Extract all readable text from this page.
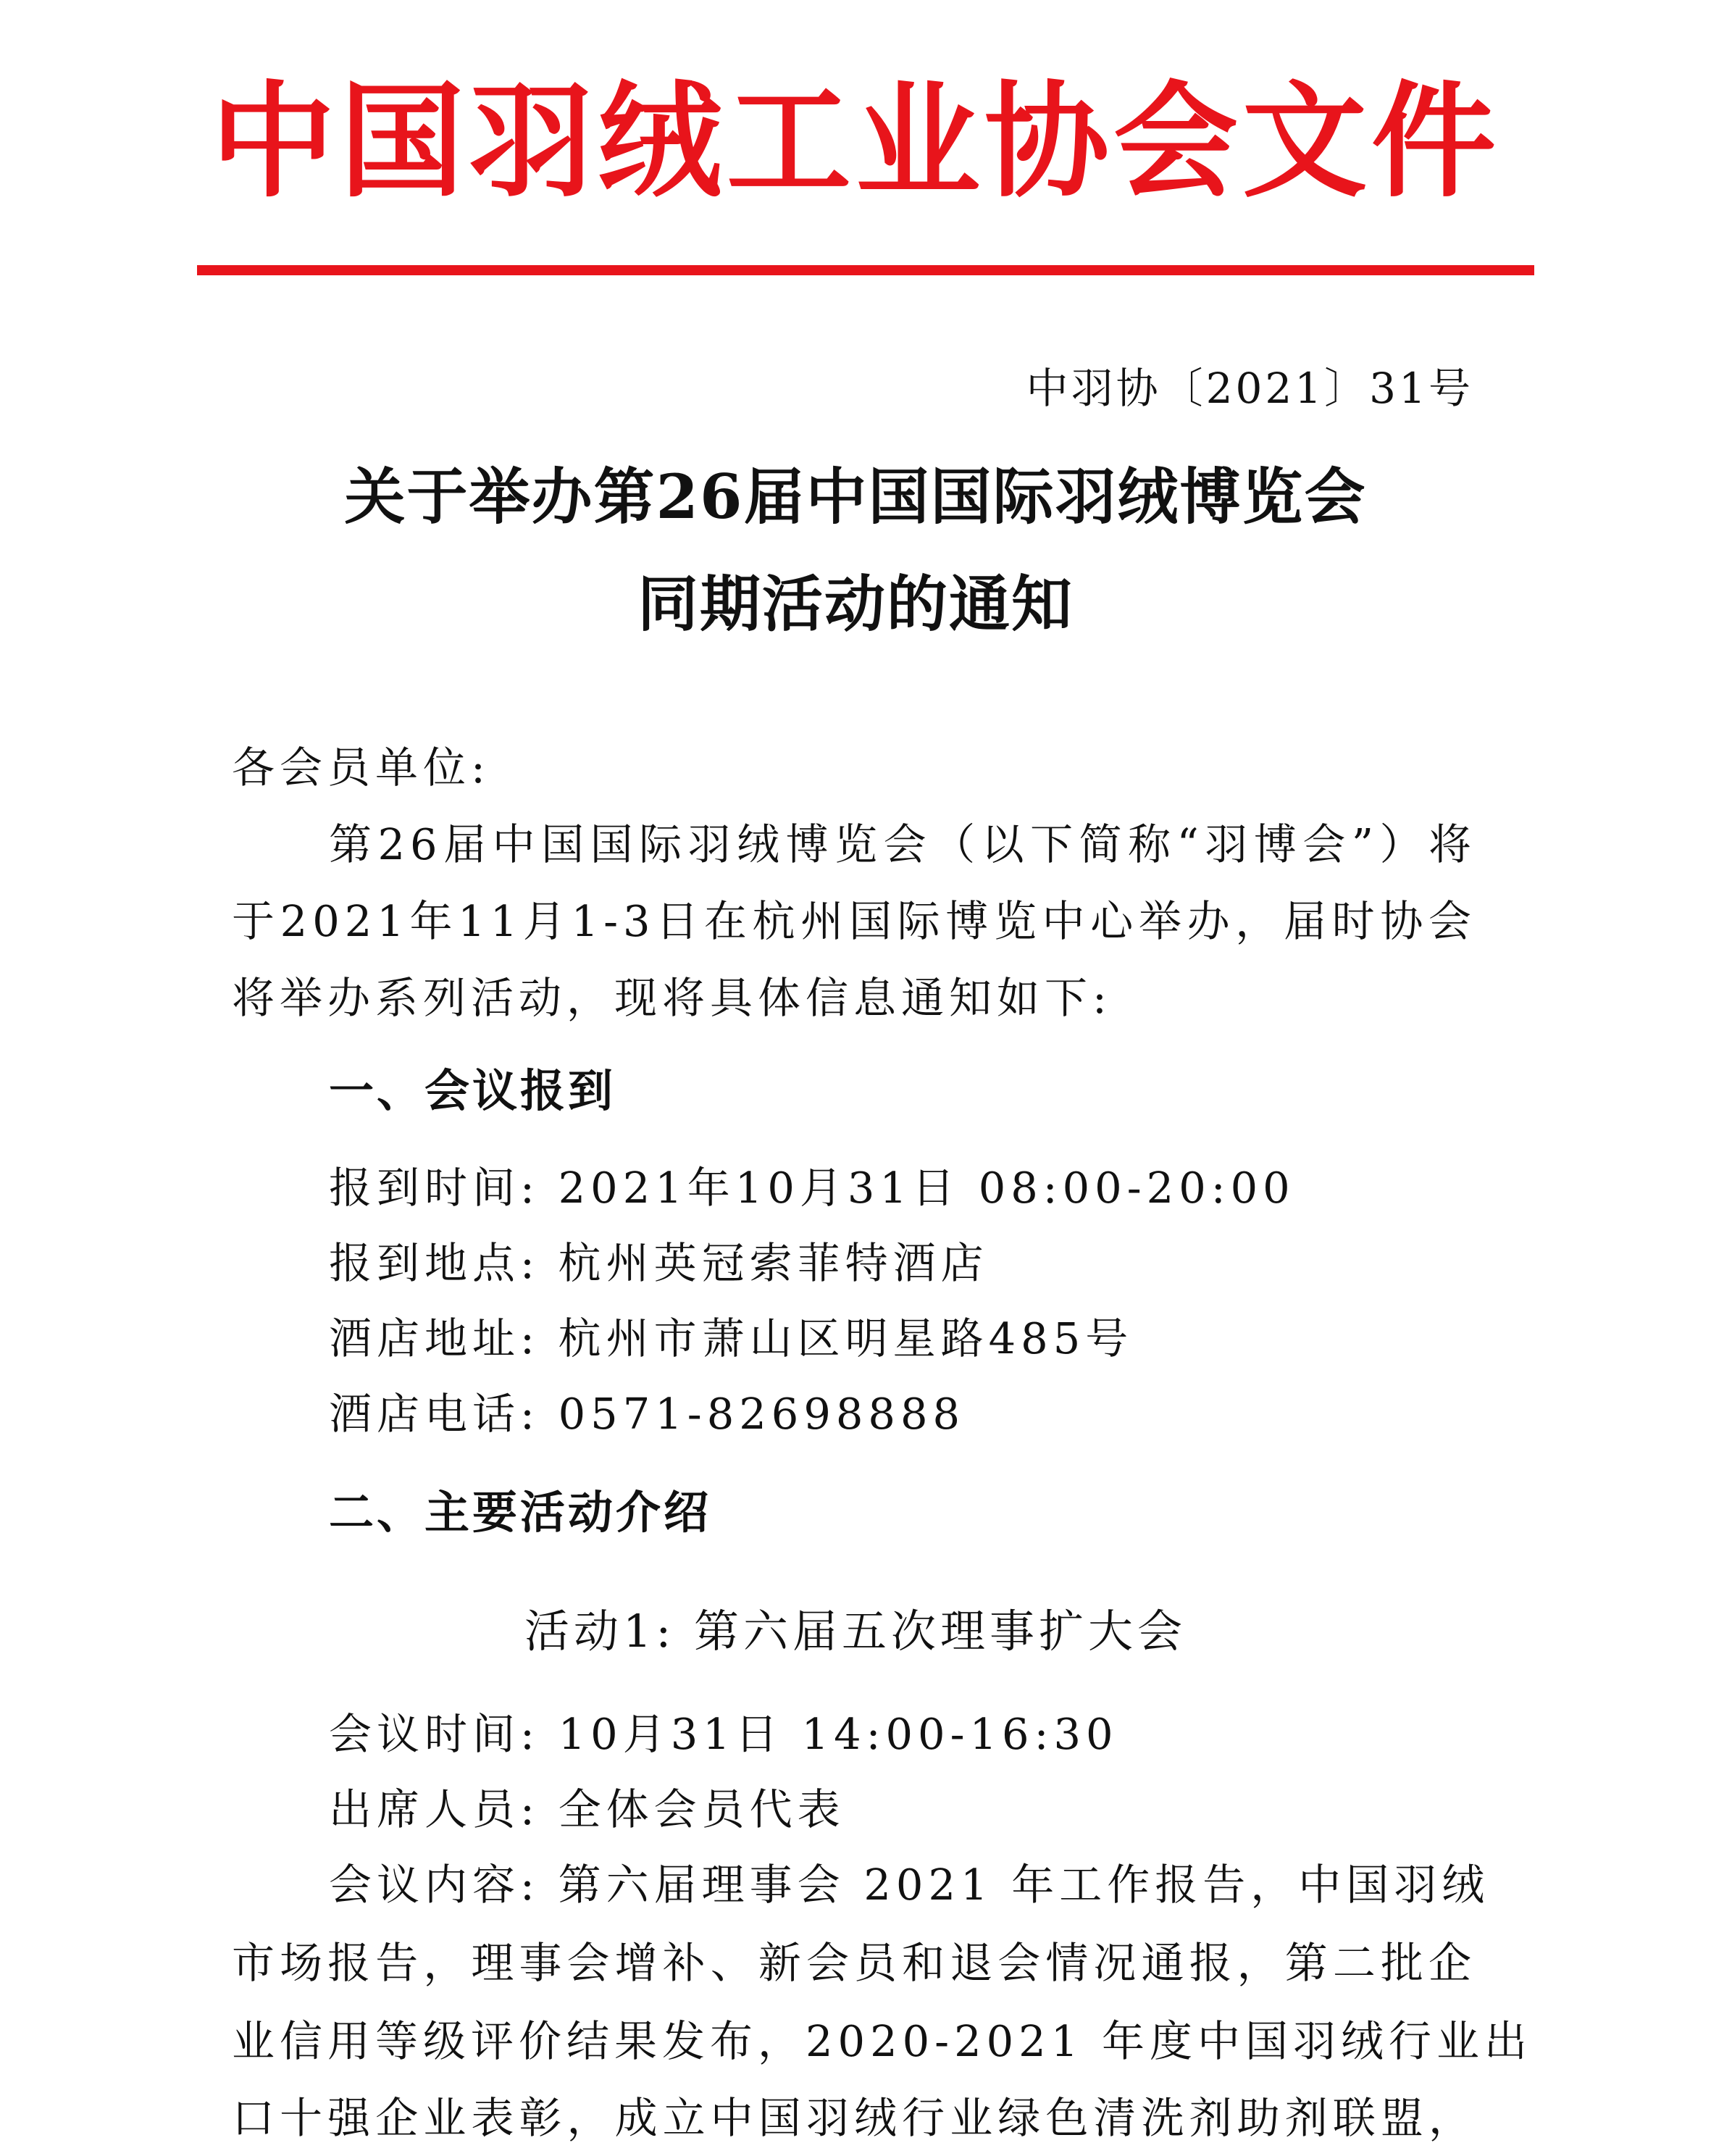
中国羽绒工业协会文件
中羽协〔2021〕31号
关于举办第26届中国国际羽绒博览会
同期活动的通知
各会员单位:
第26届中国国际羽绒博览会（以下简称“羽博会”）将
于2021年11月1-3日在杭州国际博览中心举办，届时协会
将举办系列活动，现将具体信息通知如下:
一、会议报到
报到时间: 2021年10月31日 08:00-20:00
报到地点: 杭州英冠索菲特酒店
酒店地址: 杭州市萧山区明星路485号
酒店电话: 0571-82698888
二、主要活动介绍
活动1: 第六届五次理事扩大会
会议时间: 10月31日 14:00-16:30
出席人员: 全体会员代表
会议内容: 第六届理事会 2021 年工作报告，中国羽绒
市场报告，理事会增补、新会员和退会情况通报，第二批企
业信用等级评价结果发布，2020-2021 年度中国羽绒行业出
口十强企业表彰，成立中国羽绒行业绿色清洗剂助剂联盟，
